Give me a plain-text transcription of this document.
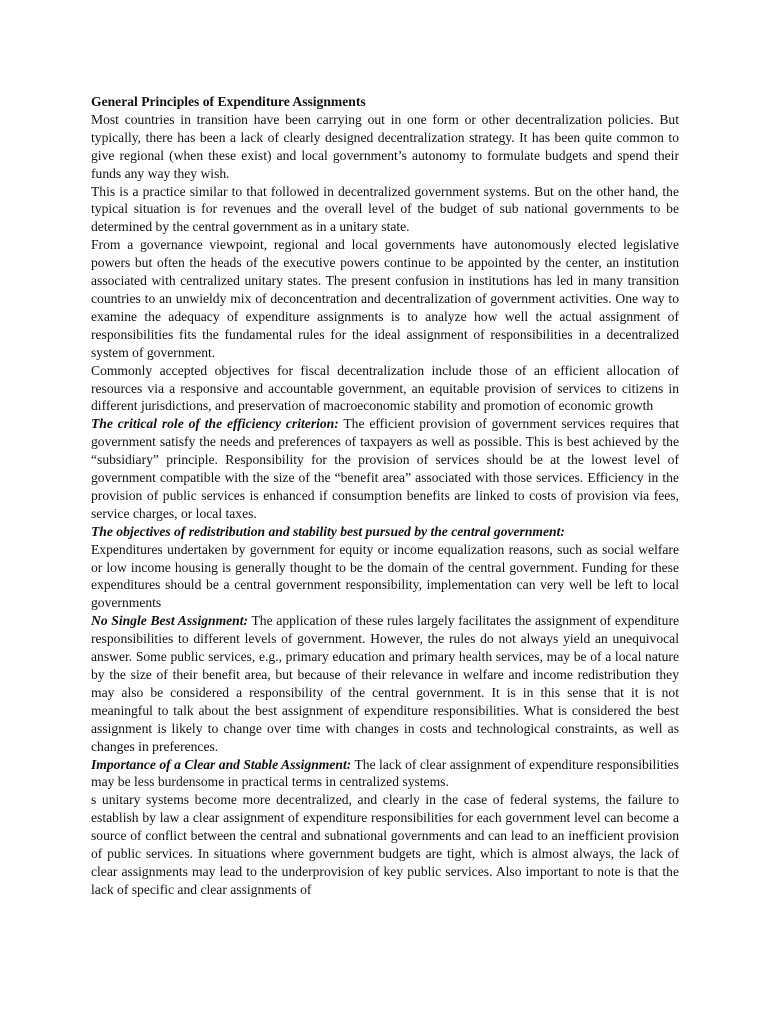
General Principles of Expenditure Assignments

Most countries in transition have been carrying out in one form or other decentralization policies. But typically, there has been a lack of clearly designed decentralization strategy. It has been quite common to give regional (when these exist) and local government’s autonomy to formulate budgets and spend their funds any way they wish.

This is a practice similar to that followed in decentralized government systems. But on the other hand, the typical situation is for revenues and the overall level of the budget of sub national governments to be determined by the central government as in a unitary state.

From a governance viewpoint, regional and local governments have autonomously elected legislative powers but often the heads of the executive powers continue to be appointed by the center, an institution associated with centralized unitary states. The present confusion in institutions has led in many transition countries to an unwieldy mix of deconcentration and decentralization of government activities. One way to examine the adequacy of expenditure assignments is to analyze how well the actual assignment of responsibilities fits the fundamental rules for the ideal assignment of responsibilities in a decentralized system of government.

Commonly accepted objectives for fiscal decentralization include those of an efficient allocation of resources via a responsive and accountable government, an equitable provision of services to citizens in different jurisdictions, and preservation of macroeconomic stability and promotion of economic growth

The critical role of the efficiency criterion: The efficient provision of government services requires that government satisfy the needs and preferences of taxpayers as well as possible. This is best achieved by the “subsidiary” principle. Responsibility for the provision of services should be at the lowest level of government compatible with the size of the “benefit area” associated with those services. Efficiency in the provision of public services is enhanced if consumption benefits are linked to costs of provision via fees, service charges, or local taxes.

The objectives of redistribution and stability best pursued by the central government:

Expenditures undertaken by government for equity or income equalization reasons, such as social welfare or low income housing is generally thought to be the domain of the central government. Funding for these expenditures should be a central government responsibility, implementation can very well be left to local governments

No Single Best Assignment: The application of these rules largely facilitates the assignment of expenditure responsibilities to different levels of government. However, the rules do not always yield an unequivocal answer. Some public services, e.g., primary education and primary health services, may be of a local nature by the size of their benefit area, but because of their relevance in welfare and income redistribution they may also be considered a responsibility of the central government. It is in this sense that it is not meaningful to talk about the best assignment of expenditure responsibilities. What is considered the best assignment is likely to change over time with changes in costs and technological constraints, as well as changes in preferences.

Importance of a Clear and Stable Assignment: The lack of clear assignment of expenditure responsibilities may be less burdensome in practical terms in centralized systems.

s unitary systems become more decentralized, and clearly in the case of federal systems, the failure to establish by law a clear assignment of expenditure responsibilities for each government level can become a source of conflict between the central and subnational governments and can lead to an inefficient provision of public services. In situations where government budgets are tight, which is almost always, the lack of clear assignments may lead to the underprovision of key public services. Also important to note is that the lack of specific and clear assignments of
